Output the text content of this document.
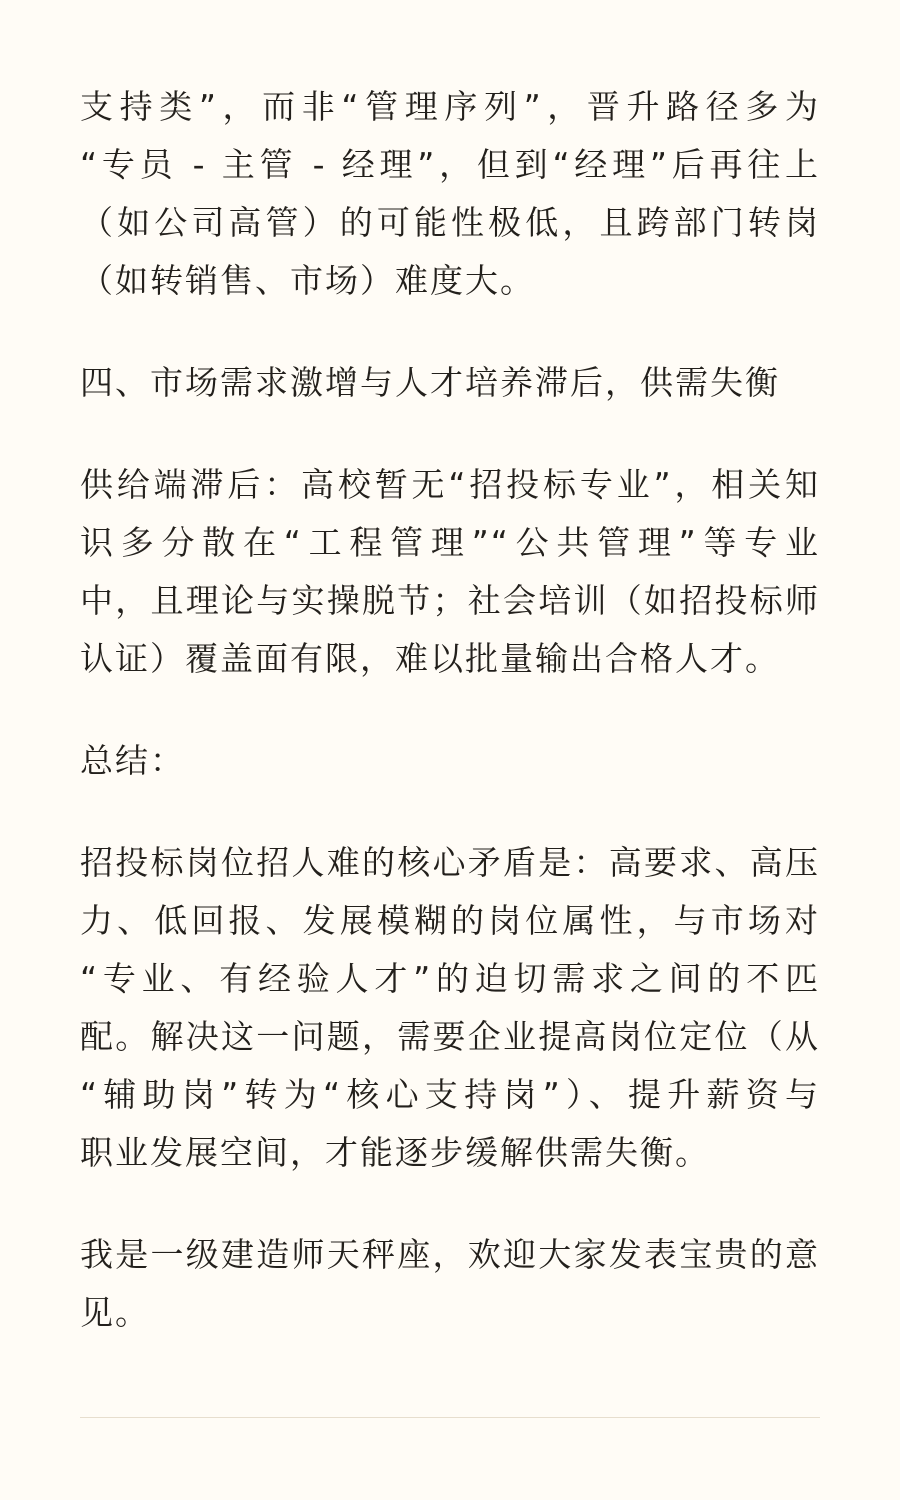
支持类”，而非“管理序列”，晋升路径多为
“专员 - 主管 - 经理”，但到“经理”后再往上
（如公司高管）的可能性极低，且跨部门转岗
（如转销售、市场）难度大。

四、市场需求激增与人才培养滞后，供需失衡

供给端滞后：高校暂无“招投标专业”，相关知
识多分散在“工程管理”“公共管理”等专业
中，且理论与实操脱节；社会培训（如招投标师
认证）覆盖面有限，难以批量输出合格人才。

总结：

招投标岗位招人难的核心矛盾是：高要求、高压
力、低回报、发展模糊的岗位属性，与市场对
“专业、有经验人才”的迫切需求之间的不匹
配。解决这一问题，需要企业提高岗位定位（从
“辅助岗”转为“核心支持岗”）、提升薪资与
职业发展空间，才能逐步缓解供需失衡。

我是一级建造师天秤座，欢迎大家发表宝贵的意
见。
